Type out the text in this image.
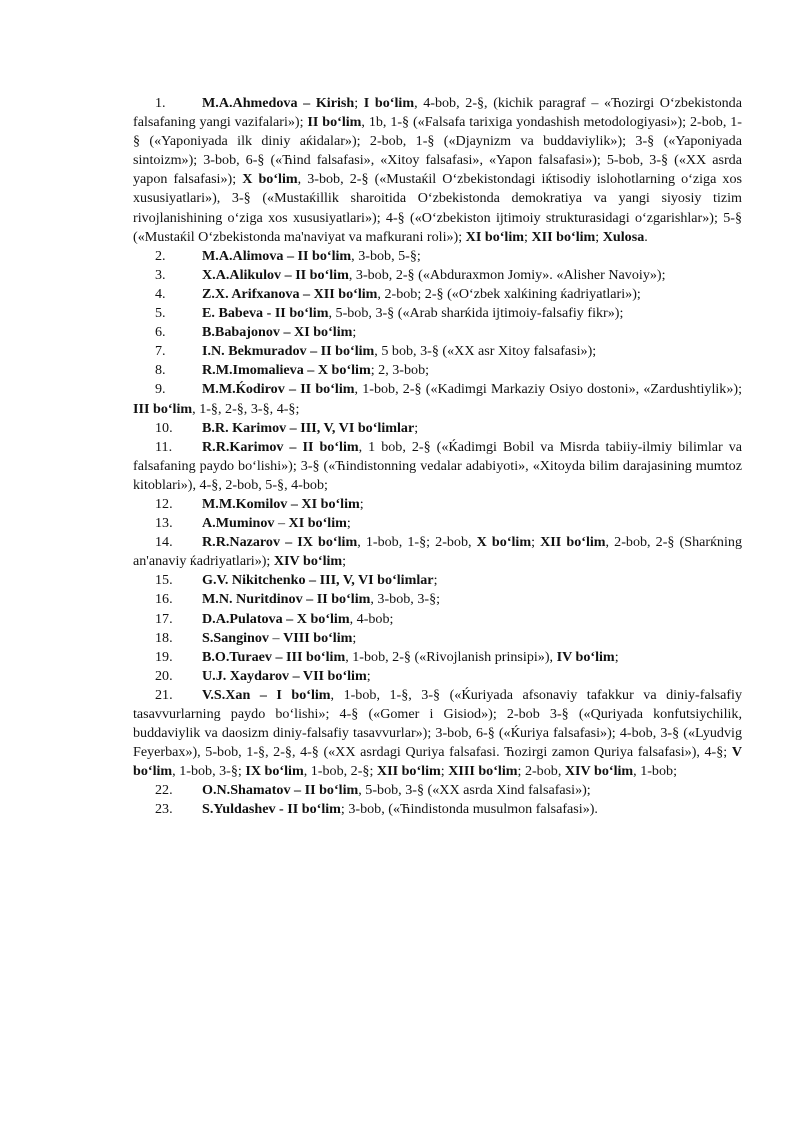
1.	M.A.Ahmedova – Kirish; I bo‘lim, 4-bob, 2-§, (kichik paragraf – «Ћozirgi O‘zbekistonda falsafaning yangi vazifalari»); II bo‘lim, 1b, 1-§ («Falsafa tarixiga yondashish metodologiyasi»); 2-bob, 1-§ («Yaponiyada ilk diniy aќidalar»); 2-bob, 1-§ («Djaynizm va buddaviylik»); 3-§ («Yaponiyada sintoizm»); 3-bob, 6-§ («Ћind falsafasi», «Xitoy falsafasi», «Yapon falsafasi»); 5-bob, 3-§ («XX asrda yapon falsafasi»); X bo‘lim, 3-bob, 2-§ («Mustaќil O‘zbekistondagi iќtisodiy islohotlarning o‘ziga xos xususiyatlari»), 3-§ («Mustaќillik sharoitida O‘zbekistonda demokratiya va yangi siyosiy tizim rivojlanishining o‘ziga xos xususiyatlari»); 4-§ («O‘zbekiston ijtimoiy strukturasidagi o‘zgarishlar»); 5-§ («Mustaќil O‘zbekistonda ma'naviyat va mafkurani roli»); XI bo‘lim; XII bo‘lim; Xulosa.

2.	M.A.Alimova – II bo‘lim, 3-bob, 5-§;

3.	X.A.Alikulov – II bo‘lim, 3-bob, 2-§ («Abduraxmon Jomiy». «Alisher Navoiy»);

4.	Z.X. Arifxanova – XII bo‘lim, 2-bob; 2-§ («O‘zbek xalќining ќadriyatlari»);

5.	E. Babeva - II bo‘lim, 5-bob, 3-§ («Arab sharќida ijtimoiy-falsafiy fikr»);

6.	B.Babajonov – XI bo‘lim;

7.	I.N. Bekmuradov – II bo‘lim, 5 bob, 3-§ («XX asr Xitoy falsafasi»);

8.	R.M.Imomalieva – X bo‘lim; 2, 3-bob;

9.	M.M.Ќodirov – II bo‘lim, 1-bob, 2-§ («Kadimgi Markaziy Osiyo dostoni», «Zardushtiylik»); III bo‘lim, 1-§, 2-§, 3-§, 4-§;

10. B.R. Karimov – III, V, VI bo‘limlar;

11. R.R.Karimov – II bo‘lim, 1 bob, 2-§ («Ќadimgi Bobil va Misrda tabiiy-ilmiy bilimlar va falsafaning paydo bo‘lishi»); 3-§ («Ћindistonning vedalar adabiyoti», «Xitoyda bilim darajasining mumtoz kitoblari»), 4-§, 2-bob, 5-§, 4-bob;

12. M.M.Komilov – XI bo‘lim;

13. A.Muminov – XI bo‘lim;

14. R.R.Nazarov – IX bo‘lim, 1-bob, 1-§; 2-bob, X bo‘lim; XII bo‘lim, 2-bob, 2-§ (Sharќning an'anaviy ќadriyatlari»); XIV bo‘lim;

15. G.V. Nikitchenko – III, V, VI bo‘limlar;

16. M.N. Nuritdinov – II bo‘lim, 3-bob, 3-§;

17. D.A.Pulatova – X bo‘lim, 4-bob;

18. S.Sanginov – VIII bo‘lim;

19. B.O.Turaev – III bo‘lim, 1-bob, 2-§ («Rivojlanish prinsipi»), IV bo‘lim;

20. U.J. Xaydarov – VII bo‘lim;

21. V.S.Xan – I bo‘lim, 1-bob, 1-§, 3-§ («Ќuriyada afsonaviy tafakkur va diniy-falsafiy tasavvurlarning paydo bo‘lishi»; 4-§ («Gomer i Gisiod»); 2-bob 3-§ («Quriyada konfutsiychilik, buddaviylik va daosizm diniy-falsafiy tasavvurlar»); 3-bob, 6-§ («Ќuriya falsafasi»); 4-bob, 3-§ («Lyudvig Feyerbax»), 5-bob, 1-§, 2-§, 4-§ («XX asrdagi Quriya falsafasi. Ћozirgi zamon Quriya falsafasi»), 4-§; V bo‘lim, 1-bob, 3-§; IX bo‘lim, 1-bob, 2-§; XII bo‘lim; XIII bo‘lim; 2-bob, XIV bo‘lim, 1-bob;

22. O.N.Shamatov – II bo‘lim, 5-bob, 3-§ («XX asrda Xind falsafasi»);

23. S.Yuldashev - II bo‘lim; 3-bob, («Ћindistonda musulmon falsafasi»).
